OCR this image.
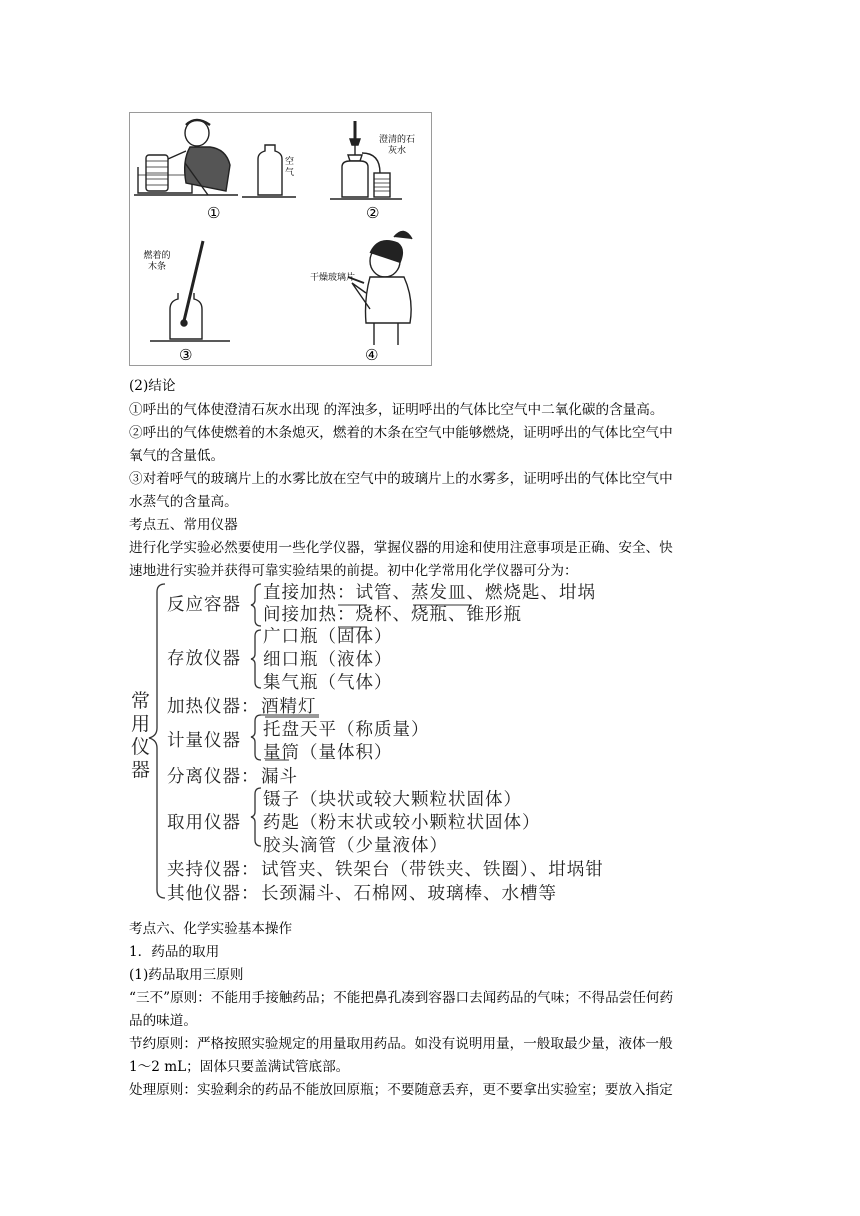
空气
澄清的石灰水
燃着的木条
干燥玻璃片
①	②
③	④
(2)结论
①呼出的气体使澄清石灰水出现 的浑浊多，证明呼出的气体比空气中二氧化碳的含量高。
②呼出的气体使燃着的木条熄灭，燃着的木条在空气中能够燃烧，证明呼出的气体比空气中
氧气的含量低。
③对着呼气的玻璃片上的水雾比放在空气中的玻璃片上的水雾多，证明呼出的气体比空气中
水蒸气的含量高。
考点五、常用仪器
进行化学实验必然要使用一些化学仪器，掌握仪器的用途和使用注意事项是正确、安全、快
速地进行实验并获得可靠实验结果的前提。初中化学常用化学仪器可分为：
常用仪器
反应容器
直接加热：试管、蒸发皿、燃烧匙、坩埚
间接加热：烧杯、烧瓶、锥形瓶
存放仪器
广口瓶（固体）
细口瓶（液体）
集气瓶（气体）
加热仪器： 酒精灯
计量仪器
托盘天平（称质量）
量筒（量体积）
分离仪器： 漏斗
取用仪器
镊子（块状或较大颗粒状固体）
药匙（粉末状或较小颗粒状固体）
胶头滴管（少量液体）
夹持仪器： 试管夹、铁架台（带铁夹、铁圈）、坩埚钳
其他仪器： 长颈漏斗、石棉网、玻璃棒、水槽等
考点六、化学实验基本操作
1．药品的取用
(1)药品取用三原则
“三不”原则：不能用手接触药品；不能把鼻孔凑到容器口去闻药品的气味；不得品尝任何药
品的味道。
节约原则：严格按照实验规定的用量取用药品。如没有说明用量，一般取最少量，液体一般
1～2 mL；固体只要盖满试管底部。
处理原则：实验剩余的药品不能放回原瓶；不要随意丢弃，更不要拿出实验室；要放入指定
